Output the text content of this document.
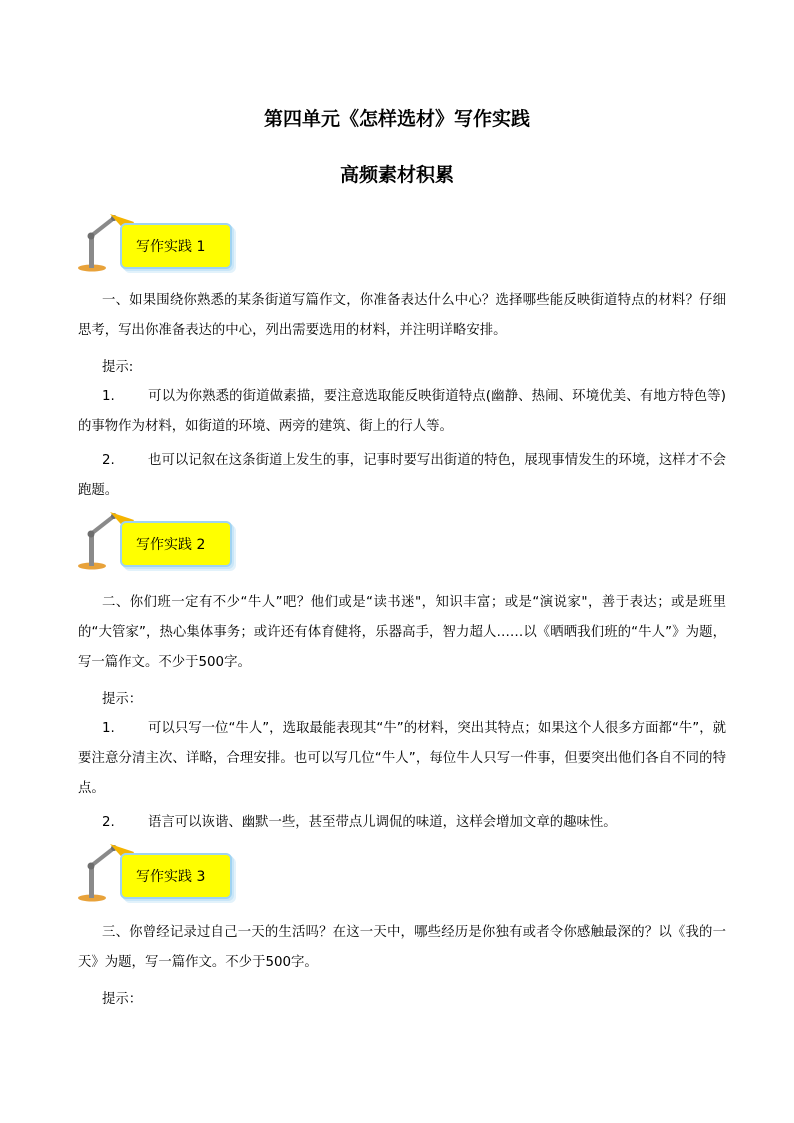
第四单元《怎样选材》写作实践
高频素材积累
写作实践 1
一、如果围绕你熟悉的某条街道写篇作文，你准备表达什么中心？选择哪些能反映街道特点的材料？仔细思考，写出你准备表达的中心，列出需要选用的材料，并注明详略安排。
提示:
1. 可以为你熟悉的街道做素描，要注意选取能反映街道特点(幽静、热闹、环境优美、有地方特色等)的事物作为材料，如街道的环境、两旁的建筑、街上的行人等。
2. 也可以记叙在这条街道上发生的事，记事时要写出街道的特色，展现事情发生的环境，这样才不会跑题。
写作实践 2
二、你们班一定有不少“牛人”吧？他们或是“读书迷"，知识丰富；或是“演说家"，善于表达；或是班里的“大管家”，热心集体事务；或许还有体育健将，乐器高手，智力超人……以《晒晒我们班的“牛人”》为题，写一篇作文。不少于500字。
提示：
1. 可以只写一位“牛人”，选取最能表现其“牛”的材料，突出其特点；如果这个人很多方面都“牛”，就要注意分清主次、详略，合理安排。也可以写几位“牛人”，每位牛人只写一件事，但要突出他们各自不同的特点。
2. 语言可以诙谐、幽默一些，甚至带点儿调侃的味道，这样会增加文章的趣味性。
写作实践 3
三、你曾经记录过自己一天的生活吗？在这一天中，哪些经历是你独有或者令你感触最深的？以《我的一天》为题，写一篇作文。不少于500字。
提示：
